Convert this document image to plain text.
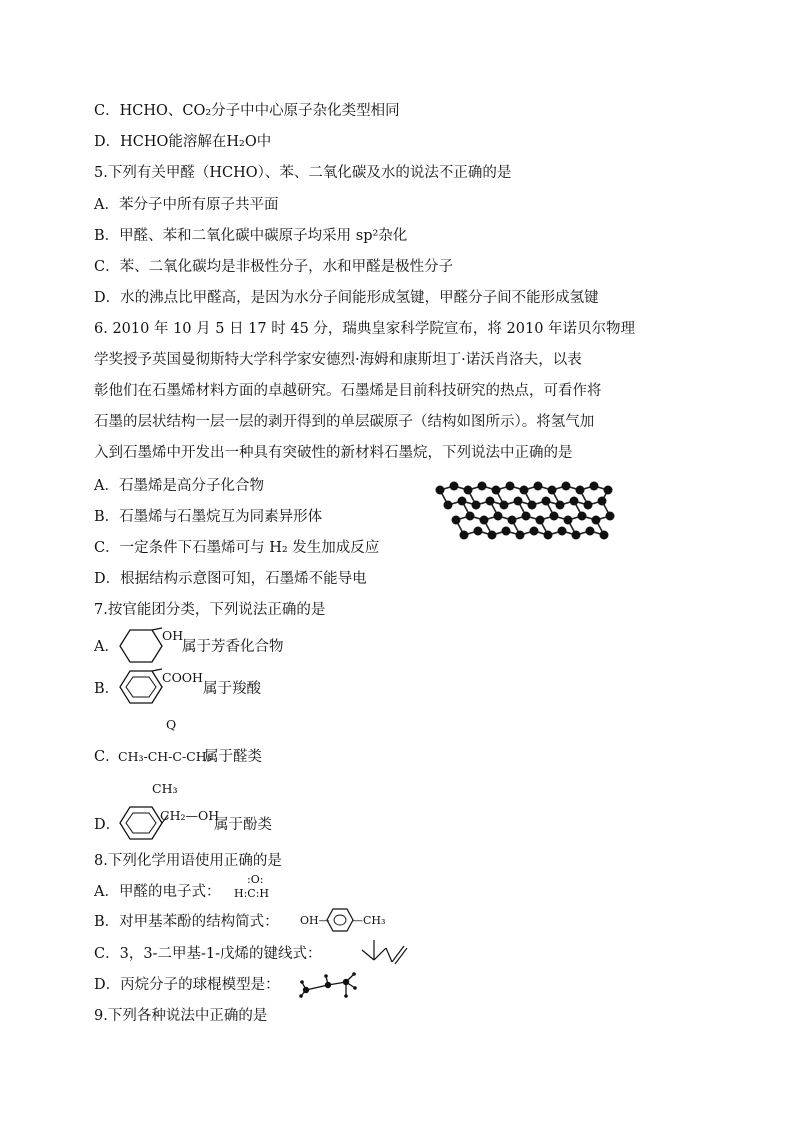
C．HCHO、CO₂分子中中心原子杂化类型相同
D．HCHO能溶解在H₂O中
5.下列有关甲醛（HCHO）、苯、二氧化碳及水的说法不正确的是
A．苯分子中所有原子共平面
B．甲醛、苯和二氧化碳中碳原子均采用 sp²杂化
C．苯、二氧化碳均是非极性分子，水和甲醛是极性分子
D．水的沸点比甲醛高，是因为水分子间能形成氢键，甲醛分子间不能形成氢键
6. 2010 年 10 月 5 日 17 时 45 分，瑞典皇家科学院宣布，将 2010 年诺贝尔物理
学奖授予英国曼彻斯特大学科学家安德烈·海姆和康斯坦丁·诺沃肖洛夫，以表
彰他们在石墨烯材料方面的卓越研究。石墨烯是目前科技研究的热点，可看作将
石墨的层状结构一层一层的剥开得到的单层碳原子（结构如图所示）。将氢气加
入到石墨烯中开发出一种具有突破性的新材料石墨烷，下列说法中正确的是
A．石墨烯是高分子化合物
B．石墨烯与石墨烷互为同素异形体
C．一定条件下石墨烯可与 H₂ 发生加成反应
D．根据结构示意图可知，石墨烯不能导电
7.按官能团分类，下列说法正确的是
A．
OH
属于芳香化合物
B．
COOH
属于羧酸
Q
C．
CH₃-CH-C-CH₃
属于醛类
CH₃
D．
CH₂—OH
属于酚类
8.下列化学用语使用正确的是
A．甲醛的电子式：
:O:
H:C:H
B．对甲基苯酚的结构简式： OH— —CH₃
C．3，3-二甲基-1-戊烯的键线式：
D．丙烷分子的球棍模型是：
9.下列各种说法中正确的是
